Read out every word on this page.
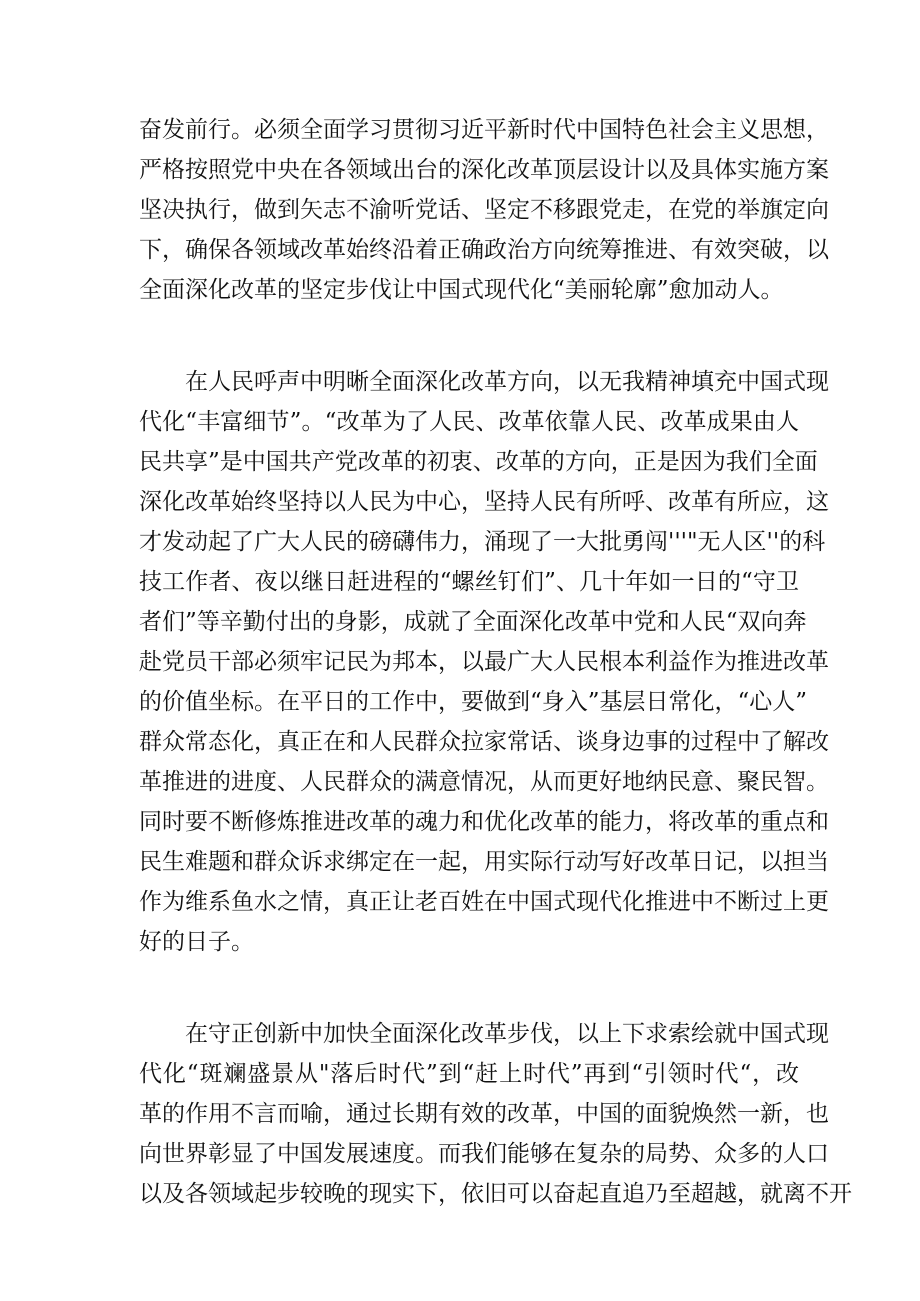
奋发前行。必须全面学习贯彻习近平新时代中国特色社会主义思想，
严格按照党中央在各领域出台的深化改革顶层设计以及具体实施方案
坚决执行，做到矢志不渝听党话、坚定不移跟党走，在党的举旗定向
下，确保各领域改革始终沿着正确政治方向统筹推进、有效突破，以
全面深化改革的坚定步伐让中国式现代化“美丽轮廓”愈加动人。
在人民呼声中明晰全面深化改革方向，以无我精神填充中国式现
代化“丰富细节”。“改革为了人民、改革依靠人民、改革成果由人
民共享”是中国共产党改革的初衷、改革的方向，正是因为我们全面
深化改革始终坚持以人民为中心，坚持人民有所呼、改革有所应，这
才发动起了广大人民的磅礴伟力，涌现了一大批勇闯'''"无人区''的科
技工作者、夜以继日赶进程的“螺丝钉们”、几十年如一日的“守卫
者们”等辛勤付出的身影，成就了全面深化改革中党和人民“双向奔
赴党员干部必须牢记民为邦本，以最广大人民根本利益作为推进改革
的价值坐标。在平日的工作中，要做到“身入”基层日常化，“心人”
群众常态化，真正在和人民群众拉家常话、谈身边事的过程中了解改
革推进的进度、人民群众的满意情况，从而更好地纳民意、聚民智。
同时要不断修炼推进改革的魂力和优化改革的能力，将改革的重点和
民生难题和群众诉求绑定在一起，用实际行动写好改革日记，以担当
作为维系鱼水之情，真正让老百姓在中国式现代化推进中不断过上更
好的日子。
在守正创新中加快全面深化改革步伐，以上下求索绘就中国式现
代化“斑斓盛景从"落后时代”到“赶上时代”再到“引领时代“，改
革的作用不言而喻，通过长期有效的改革，中国的面貌焕然一新，也
向世界彰显了中国发展速度。而我们能够在复杂的局势、众多的人口
以及各领域起步较晚的现实下，依旧可以奋起直追乃至超越，就离不开
